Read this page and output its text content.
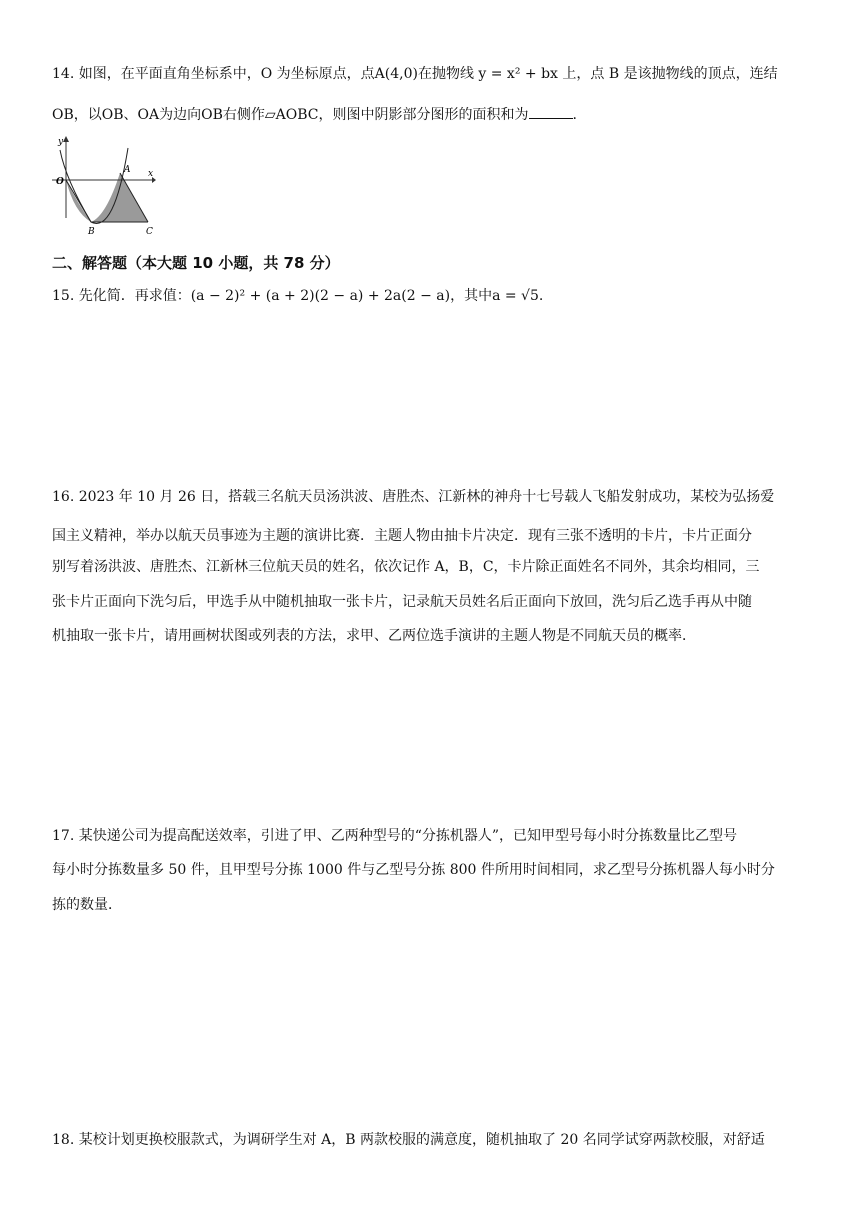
14. 如图，在平面直角坐标系中，O 为坐标原点，点A(4,0)在抛物线 y = x² + bx 上，点 B 是该抛物线的顶点，连结
OB，以OB、OA为边向OB右侧作▱AOBC，则图中阴影部分图形的面积和为	.
y
x
O
A
B	C
二、解答题（本大题 10 小题，共 78 分）
15. 先化简．再求值：(a − 2)² + (a + 2)(2 − a) + 2a(2 − a)，其中a = √5.
16. 2023 年 10 月 26 日，搭载三名航天员汤洪波、唐胜杰、江新林的神舟十七号载人飞船发射成功，某校为弘扬爱
国主义精神，举办以航天员事迹为主题的演讲比赛．主题人物由抽卡片决定．现有三张不透明的卡片，卡片正面分
别写着汤洪波、唐胜杰、江新林三位航天员的姓名，依次记作 A，B，C，卡片除正面姓名不同外，其余均相同，三
张卡片正面向下洗匀后，甲选手从中随机抽取一张卡片，记录航天员姓名后正面向下放回，洗匀后乙选手再从中随
机抽取一张卡片，请用画树状图或列表的方法，求甲、乙两位选手演讲的主题人物是不同航天员的概率．
17. 某快递公司为提高配送效率，引进了甲、乙两种型号的“分拣机器人”，已知甲型号每小时分拣数量比乙型号
每小时分拣数量多 50 件，且甲型号分拣 1000 件与乙型号分拣 800 件所用时间相同，求乙型号分拣机器人每小时分
拣的数量．
18. 某校计划更换校服款式，为调研学生对 A，B 两款校服的满意度，随机抽取了 20 名同学试穿两款校服，对舒适
